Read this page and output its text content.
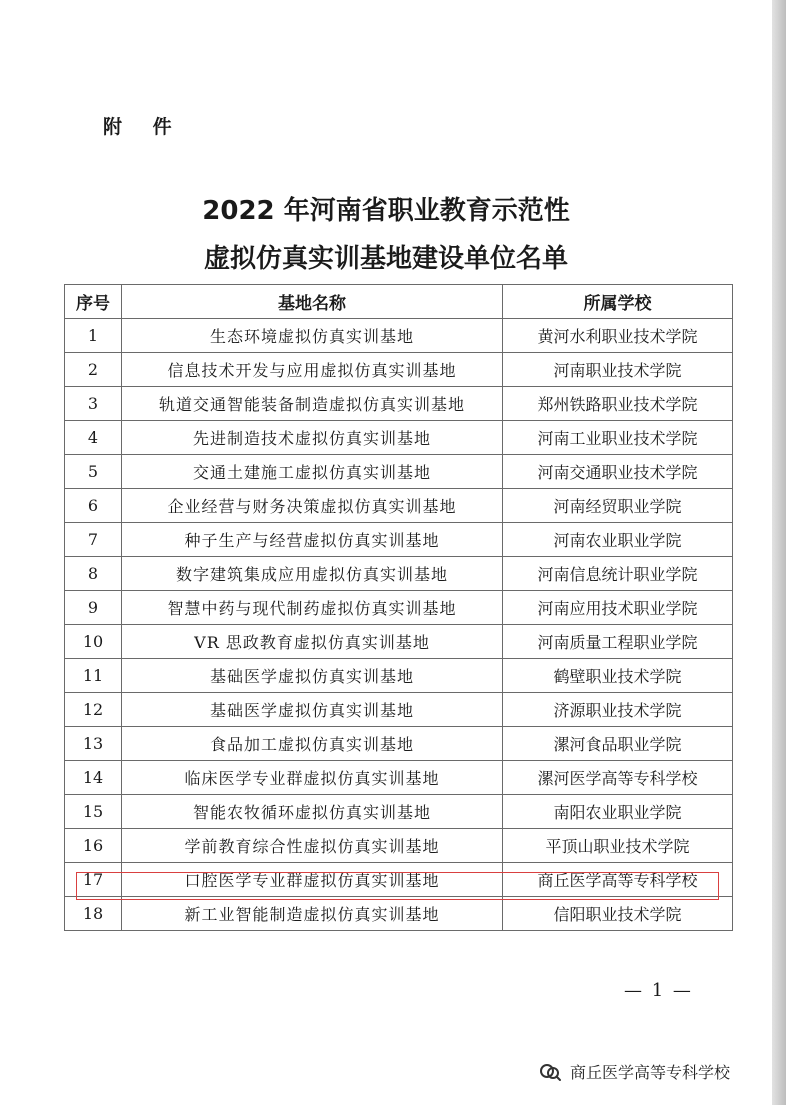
附 件
2022 年河南省职业教育示范性
虚拟仿真实训基地建设单位名单
序号	基地名称	所属学校
1	生态环境虚拟仿真实训基地	黄河水利职业技术学院
2	信息技术开发与应用虚拟仿真实训基地	河南职业技术学院
3	轨道交通智能装备制造虚拟仿真实训基地	郑州铁路职业技术学院
4	先进制造技术虚拟仿真实训基地	河南工业职业技术学院
5	交通土建施工虚拟仿真实训基地	河南交通职业技术学院
6	企业经营与财务决策虚拟仿真实训基地	河南经贸职业学院
7	种子生产与经营虚拟仿真实训基地	河南农业职业学院
8	数字建筑集成应用虚拟仿真实训基地	河南信息统计职业学院
9	智慧中药与现代制药虚拟仿真实训基地	河南应用技术职业学院
10	VR 思政教育虚拟仿真实训基地	河南质量工程职业学院
11	基础医学虚拟仿真实训基地	鹤壁职业技术学院
12	基础医学虚拟仿真实训基地	济源职业技术学院
13	食品加工虚拟仿真实训基地	漯河食品职业学院
14	临床医学专业群虚拟仿真实训基地	漯河医学高等专科学校
15	智能农牧循环虚拟仿真实训基地	南阳农业职业学院
16	学前教育综合性虚拟仿真实训基地	平顶山职业技术学院
17	口腔医学专业群虚拟仿真实训基地	商丘医学高等专科学校
18	新工业智能制造虚拟仿真实训基地	信阳职业技术学院
— 1 —
商丘医学高等专科学校
